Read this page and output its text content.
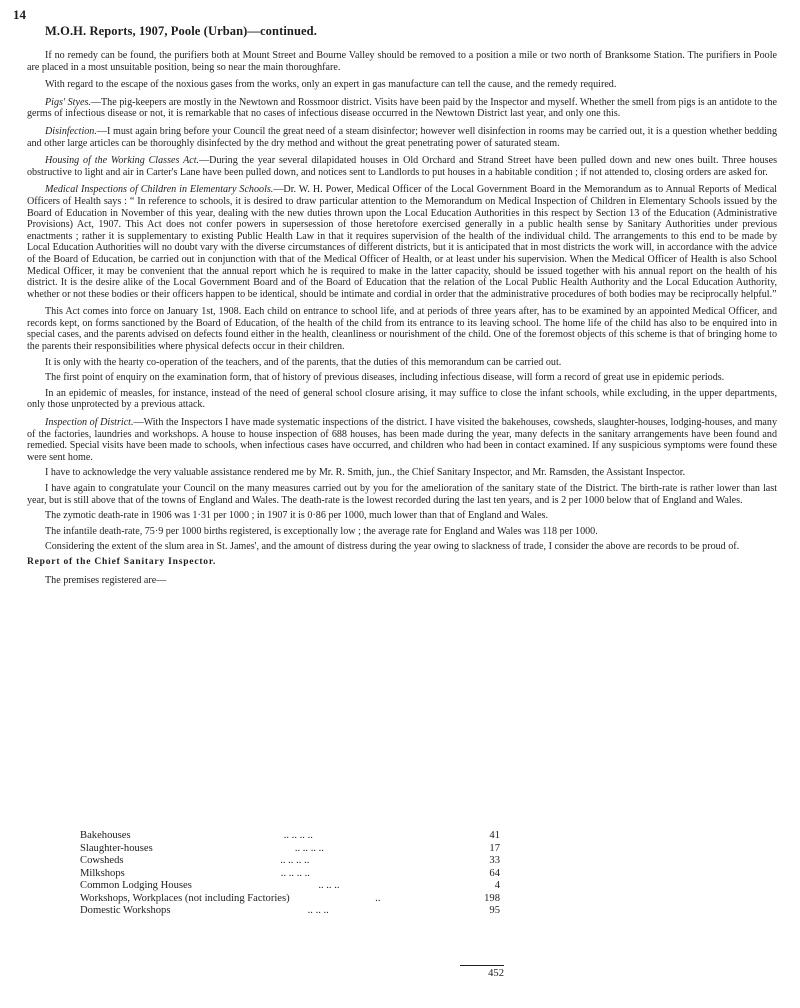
14
M.O.H. Reports, 1907, Poole (Urban)—continued.

If no remedy can be found, the purifiers both at Mount Street and Bourne Valley should be removed to a position a mile or two north of Branksome Station. The purifiers in Poole are placed in a most unsuitable position, being so near the main thoroughfare.

With regard to the escape of the noxious gases from the works, only an expert in gas manufacture can tell the cause, and the remedy required.

Pigs' Styes.—The pig-keepers are mostly in the Newtown and Rossmoor district. Visits have been paid by the Inspector and myself. Whether the smell from pigs is an antidote to the germs of infectious disease or not, it is remarkable that no cases of infectious disease occurred in the Newtown District last year, and only one this.

Disinfection.—I must again bring before your Council the great need of a steam disinfector; however well disinfection in rooms may be carried out, it is a question whether bedding and other large articles can be thoroughly disinfected by the dry method and without the great penetrating power of saturated steam.

Housing of the Working Classes Act.—During the year several dilapidated houses in Old Orchard and Strand Street have been pulled down and new ones built. Three houses obstructive to light and air in Carter's Lane have been pulled down, and notices sent to Landlords to put houses in a habitable condition ; if not attended to, closing orders are asked for.

Medical Inspections of Children in Elementary Schools.—Dr. W. H. Power, Medical Officer of the Local Government Board in the Memorandum as to Annual Reports of Medical Officers of Health says : “ In reference to schools, it is desired to draw particular attention to the Memorandum on Medical Inspection of Children in Elementary Schools issued by the Board of Education in November of this year, dealing with the new duties thrown upon the Local Education Authorities in this respect by Section 13 of the Education (Administrative Provisions) Act, 1907. This Act does not confer powers in supersession of those heretofore exercised generally in a public health sense by Sanitary Authorities under previous enactments ; rather it is supplementary to existing Public Health Law in that it requires supervision of the health of the individual child. The arrangements to this end to be made by Local Education Authorities will no doubt vary with the diverse circumstances of different districts, but it is anticipated that in most districts the work will, in accordance with the advice of the Board of Education, be carried out in conjunction with that of the Medical Officer of Health, or at least under his supervision. When the Medical Officer of Health is also School Medical Officer, it may be convenient that the annual report which he is required to make in the latter capacity, should be issued together with his annual report on the health of his district. It is the desire alike of the Local Government Board and of the Board of Education that the relation of the Local Public Health Authority and the Local Education Authority, whether or not these bodies or their officers happen to be identical, should be intimate and cordial in order that the administrative procedures of both bodies may be reciprocally helpful.”

This Act comes into force on January 1st, 1908. Each child on entrance to school life, and at periods of three years after, has to be examined by an appointed Medical Officer, and records kept, on forms sanctioned by the Board of Education, of the health of the child from its entrance to its leaving school. The home life of the child has also to be enquired into in special cases, and the parents advised on defects found either in the health, cleanliness or nourishment of the child. One of the foremost objects of this scheme is that of bringing home to the parents their responsibilities where physical defects occur in their children.

It is only with the hearty co-operation of the teachers, and of the parents, that the duties of this memorandum can be carried out.

The first point of enquiry on the examination form, that of history of previous diseases, including infectious disease, will form a record of great use in epidemic periods.

In an epidemic of measles, for instance, instead of the need of general school closure arising, it may suffice to close the infant schools, while excluding, in the upper departments, only those unprotected by a previous attack.

Inspection of District.—With the Inspectors I have made systematic inspections of the district. I have visited the bakehouses, cowsheds, slaughter-houses, lodging-houses, and many of the factories, laundries and workshops. A house to house inspection of 688 houses, has been made during the year, many defects in the sanitary arrangements have been found and remedied. Special visits have been made to schools, when infectious cases have occurred, and children who had been in contact examined. If any suspicious symptoms were found these were sent home.

I have to acknowledge the very valuable assistance rendered me by Mr. R. Smith, jun., the Chief Sanitary Inspector, and Mr. Ramsden, the Assistant Inspector.

I have again to congratulate your Council on the many measures carried out by you for the amelioration of the sanitary state of the District. The birth-rate is rather lower than last year, but is still above that of the towns of England and Wales. The death-rate is the lowest recorded during the last ten years, and is 2 per 1000 below that of England and Wales.

The zymotic death-rate in 1906 was 1·31 per 1000 ; in 1907 it is 0·86 per 1000, much lower than that of England and Wales.

The infantile death-rate, 75·9 per 1000 births registered, is exceptionally low ; the average rate for England and Wales was 118 per 1000.

Considering the extent of the slum area in St. James', and the amount of distress during the year owing to slackness of trade, I consider the above are records to be proud of.

Report of the Chief Sanitary Inspector.

The premises registered are—

Bakehouses	.. .. .. ..	41
Slaughter-houses	.. .. .. ..	17
Cowsheds	.. .. .. ..	33
Milkshops	.. .. .. ..	64
Common Lodging Houses	.. .. ..	4
Workshops, Workplaces (not including Factories)	..	198
Domestic Workshops	.. .. ..	95
452
